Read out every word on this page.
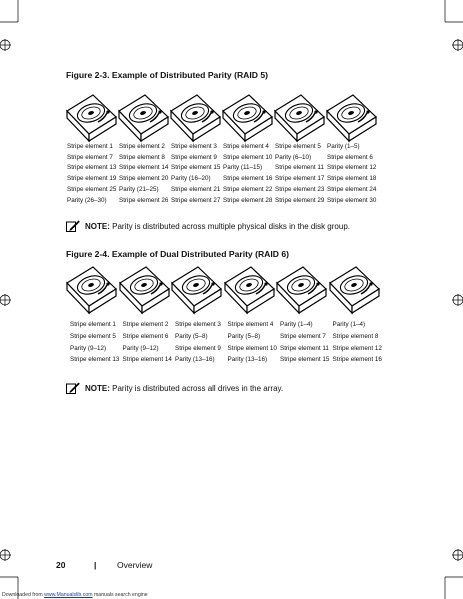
Figure 2-3. Example of Distributed Parity (RAID 5)
Stripe element 1 Stripe element 2 Stripe element 3 Stripe element 4 Stripe element 5 Parity (1–5)
Stripe element 7 Stripe element 8 Stripe element 9 Stripe element 10 Parity (6–10)	Stripe element 6
Stripe element 13 Stripe element 14 Stripe element 15 Parity (11–15) Stripe element 11 Stripe element 12
Stripe element 19 Stripe element 20 Parity (16–20) Stripe element 16 Stripe element 17 Stripe element 18
Stripe element 25 Parity (21–25) Stripe element 21 Stripe element 22 Stripe element 23 Stripe element 24
Parity (26–30) Stripe element 26 Stripe element 27 Stripe element 28 Stripe element 29 Stripe element 30
NOTE: Parity is distributed across multiple physical disks in the disk group.
Figure 2-4. Example of Dual Distributed Parity (RAID 6)
Stripe element 1 Stripe element 2 Stripe element 3 Stripe element 4 Parity (1–4)	Parity (1–4)
Stripe element 5 Stripe element 6 Parity (5–8)	Parity (5–8)	Stripe element 7 Stripe element 8
Parity (9–12)	Parity (9–12)	Stripe element 9 Stripe element 10 Stripe element 11 Stripe element 12
Stripe element 13 Stripe element 14 Parity (13–16) Parity (13–16) Stripe element 15 Stripe element 16
NOTE: Parity is distributed across all drives in the array.
20	| Overview
Downloaded from www.Manualslib.com manuals search engine
